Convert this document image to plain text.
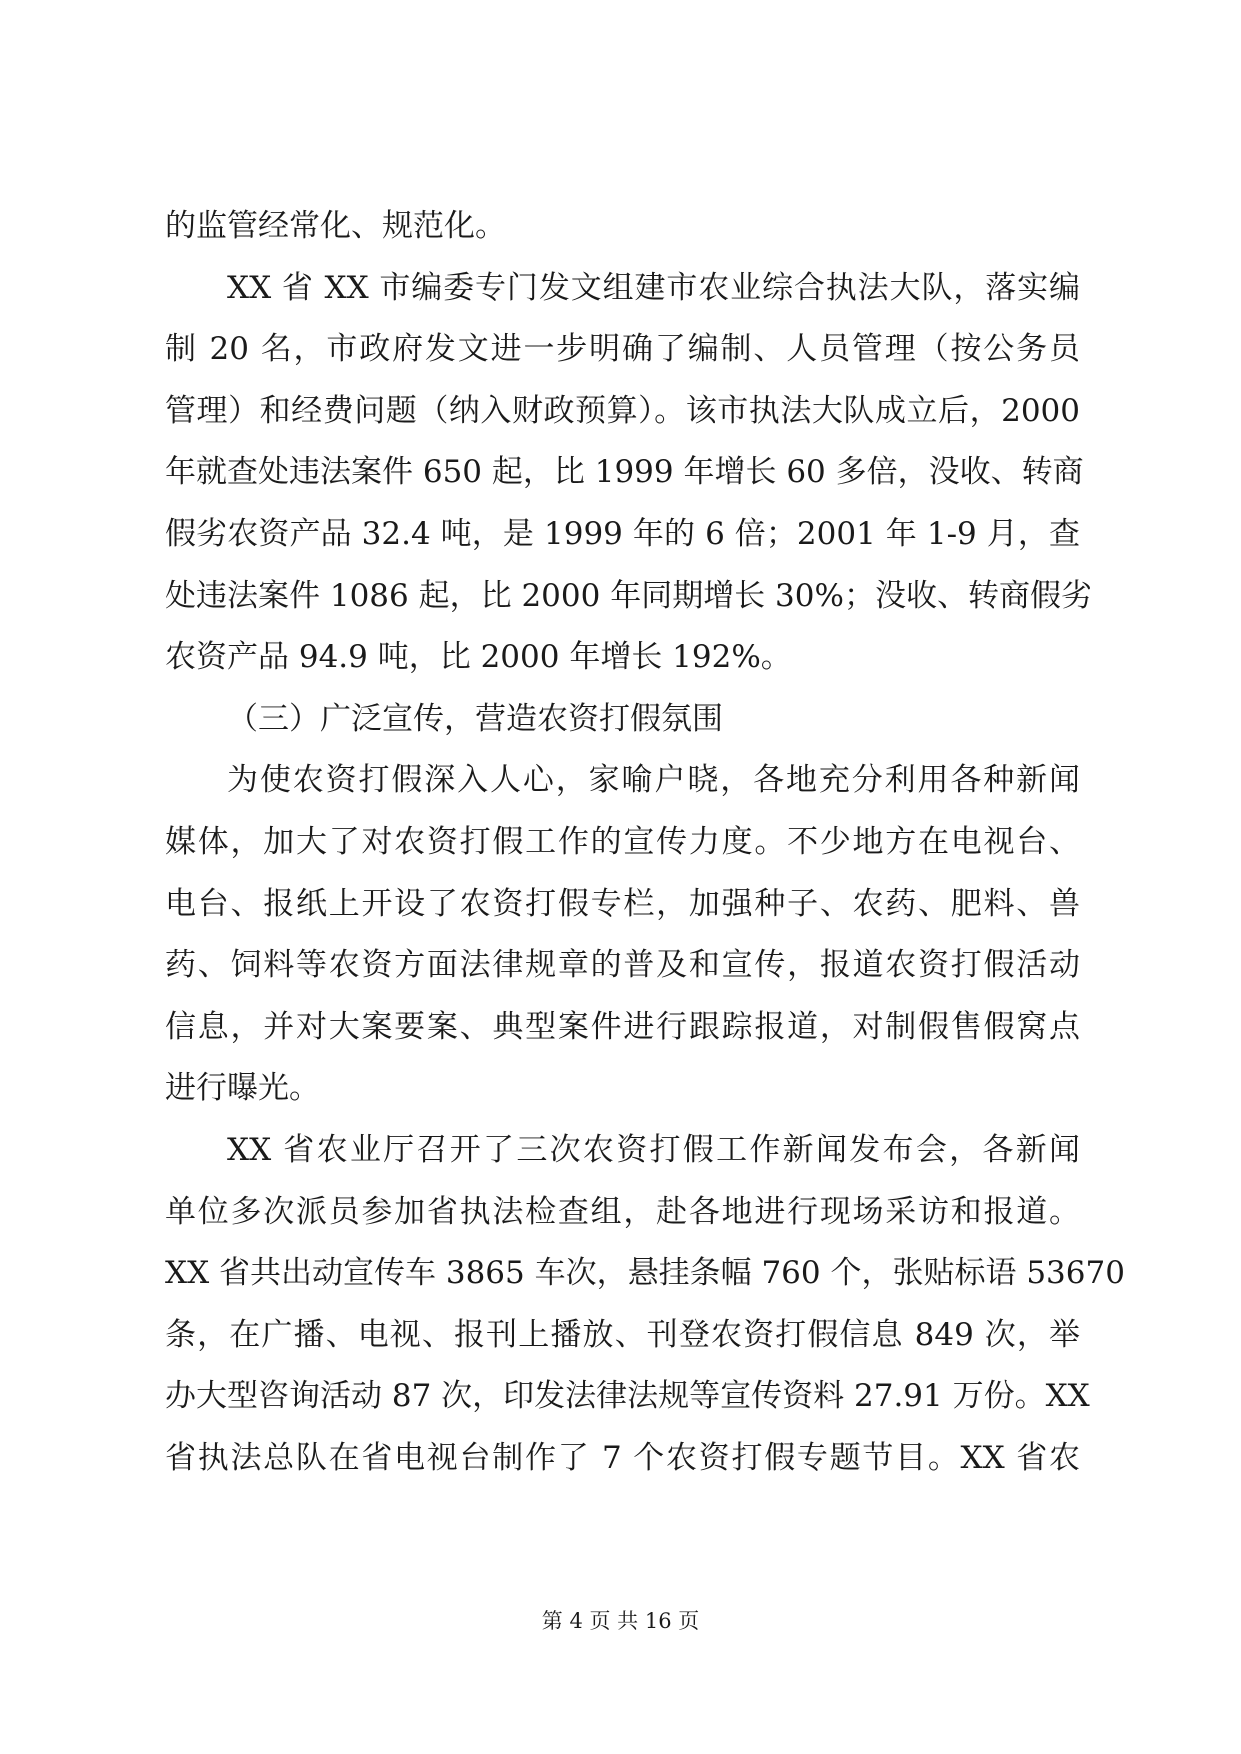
的监管经常化、规范化。
XX 省 XX 市编委专门发文组建市农业综合执法大队，落实编
制 20 名，市政府发文进一步明确了编制、人员管理（按公务员
管理）和经费问题（纳入财政预算）。该市执法大队成立后，2000
年就查处违法案件 650 起，比 1999 年增长 60 多倍，没收、转商
假劣农资产品 32.4 吨，是 1999 年的 6 倍；2001 年 1-9 月，查
处违法案件 1086 起，比 2000 年同期增长 30%；没收、转商假劣
农资产品 94.9 吨，比 2000 年增长 192%。
（三）广泛宣传，营造农资打假氛围
为使农资打假深入人心，家喻户晓，各地充分利用各种新闻
媒体，加大了对农资打假工作的宣传力度。不少地方在电视台、
电台、报纸上开设了农资打假专栏，加强种子、农药、肥料、兽
药、饲料等农资方面法律规章的普及和宣传，报道农资打假活动
信息，并对大案要案、典型案件进行跟踪报道，对制假售假窝点
进行曝光。
XX 省农业厅召开了三次农资打假工作新闻发布会，各新闻
单位多次派员参加省执法检查组，赴各地进行现场采访和报道。
XX 省共出动宣传车 3865 车次，悬挂条幅 760 个，张贴标语 53670
条，在广播、电视、报刊上播放、刊登农资打假信息 849 次，举
办大型咨询活动 87 次，印发法律法规等宣传资料 27.91 万份。XX
省执法总队在省电视台制作了 7 个农资打假专题节目。XX 省农
第 4 页 共 16 页
